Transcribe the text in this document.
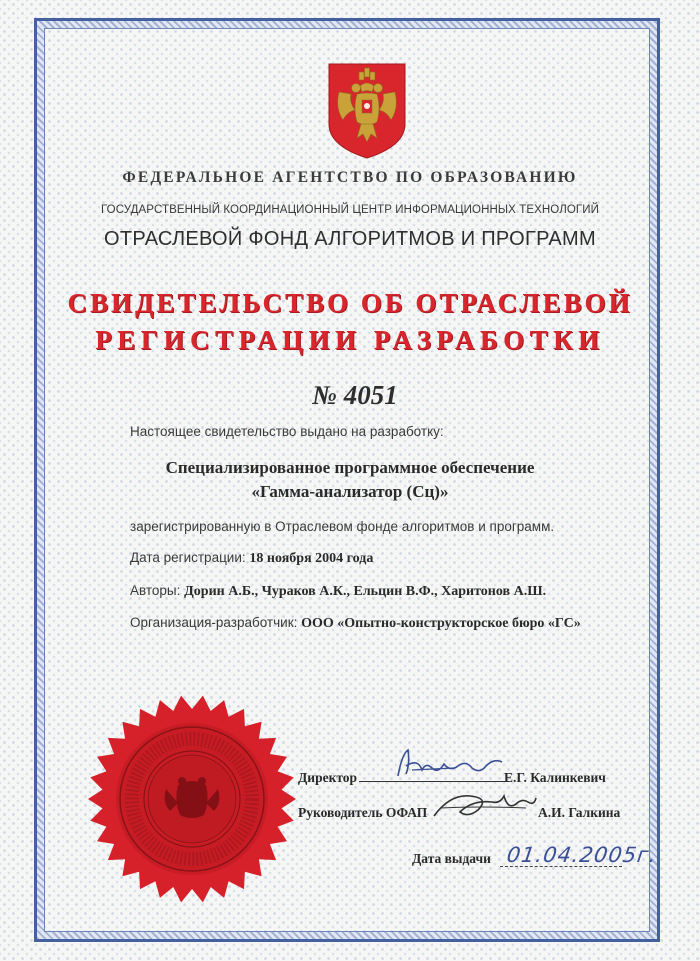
ФЕДЕРАЛЬНОЕ АГЕНТСТВО ПО ОБРАЗОВАНИЮ
ГОСУДАРСТВЕННЫЙ КООРДИНАЦИОННЫЙ ЦЕНТР ИНФОРМАЦИОННЫХ ТЕХНОЛОГИЙ
ОТРАСЛЕВОЙ ФОНД АЛГОРИТМОВ И ПРОГРАММ
СВИДЕТЕЛЬСТВО ОБ ОТРАСЛЕВОЙ
РЕГИСТРАЦИИ РАЗРАБОТКИ
№ 4051
Настоящее свидетельство выдано на разработку:
Специализированное программное обеспечение
«Гамма-анализатор (Сц)»
зарегистрированную в Отраслевом фонде алгоритмов и программ.
Дата регистрации: 18 ноября 2004 года
Авторы: Дорин А.Б., Чураков А.К., Ельцин В.Ф., Харитонов А.Ш.
Организация-разработчик: ООО «Опытно-конструкторское бюро «ГС»
Директор	Е.Г. Калинкевич
Руководитель ОФАП	А.И. Галкина
Дата выдачи 01.04.2005г.
